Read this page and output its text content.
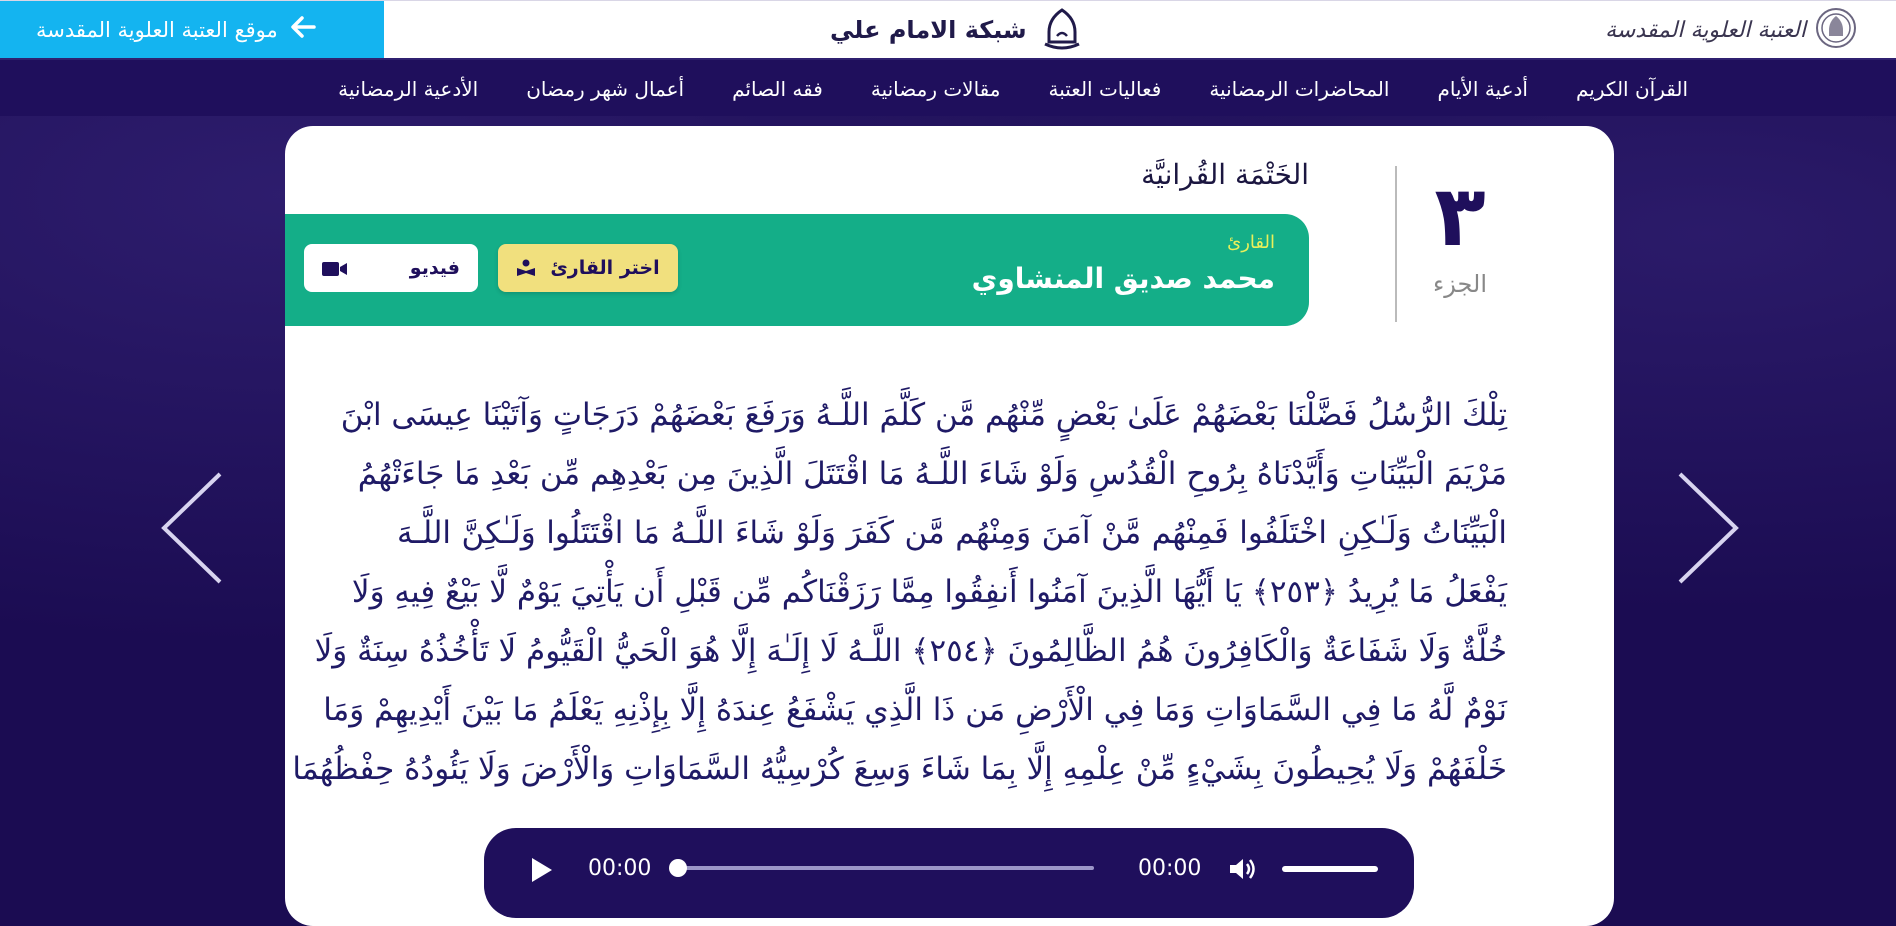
موقع العتبة العلوية المقدسة	شبكة الامام علي	العتبة العلوية المقدسة
القرآن الكريم
أدعية الأيام
المحاضرات الرمضانية
فعاليات العتبة
مقالات رمضانية
فقه الصائم
أعمال شهر رمضان
الأدعية الرمضانية
٣
الجزء
الخَتْمَة القُرانيَّة
القارئ
محمد صديق المنشاوي
اختر القارئ
فيديو
تِلْكَ الرُّسُلُ فَضَّلْنَا بَعْضَهُمْ عَلَىٰ بَعْضٍ مِّنْهُم مَّن كَلَّمَ اللَّـهُ وَرَفَعَ بَعْضَهُمْ دَرَجَاتٍ وَآتَيْنَا عِيسَى ابْنَ
مَرْيَمَ الْبَيِّنَاتِ وَأَيَّدْنَاهُ بِرُوحِ الْقُدُسِ وَلَوْ شَاءَ اللَّـهُ مَا اقْتَتَلَ الَّذِينَ مِن بَعْدِهِم مِّن بَعْدِ مَا جَاءَتْهُمُ
الْبَيِّنَاتُ وَلَـٰكِنِ اخْتَلَفُوا فَمِنْهُم مَّنْ آمَنَ وَمِنْهُم مَّن كَفَرَ وَلَوْ شَاءَ اللَّـهُ مَا اقْتَتَلُوا وَلَـٰكِنَّ اللَّـهَ
يَفْعَلُ مَا يُرِيدُ ﴿٢٥٣﴾ يَا أَيُّهَا الَّذِينَ آمَنُوا أَنفِقُوا مِمَّا رَزَقْنَاكُم مِّن قَبْلِ أَن يَأْتِيَ يَوْمٌ لَّا بَيْعٌ فِيهِ وَلَا
خُلَّةٌ وَلَا شَفَاعَةٌ وَالْكَافِرُونَ هُمُ الظَّالِمُونَ ﴿٢٥٤﴾ اللَّـهُ لَا إِلَـٰهَ إِلَّا هُوَ الْحَيُّ الْقَيُّومُ لَا تَأْخُذُهُ سِنَةٌ وَلَا
نَوْمٌ لَّهُ مَا فِي السَّمَاوَاتِ وَمَا فِي الْأَرْضِ مَن ذَا الَّذِي يَشْفَعُ عِندَهُ إِلَّا بِإِذْنِهِ يَعْلَمُ مَا بَيْنَ أَيْدِيهِمْ وَمَا
خَلْفَهُمْ وَلَا يُحِيطُونَ بِشَيْءٍ مِّنْ عِلْمِهِ إِلَّا بِمَا شَاءَ وَسِعَ كُرْسِيُّهُ السَّمَاوَاتِ وَالْأَرْضَ وَلَا يَئُودُهُ حِفْظُهُمَا
00:00	00:00
